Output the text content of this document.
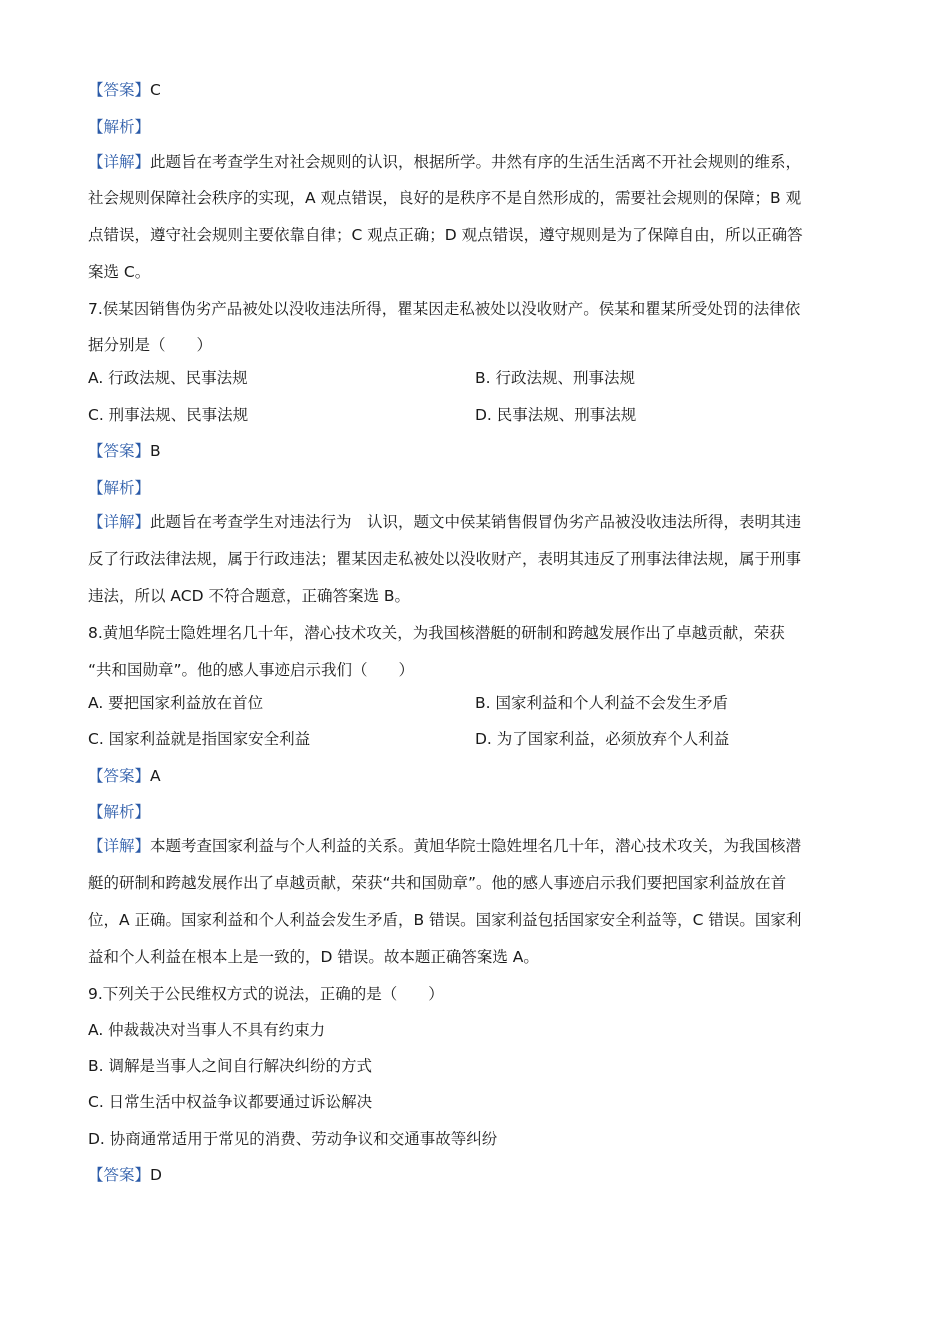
【答案】C
【解析】
【详解】此题旨在考查学生对社会规则的认识，根据所学。井然有序的生活生活离不开社会规则的维系，
社会规则保障社会秩序的实现，A 观点错误，良好的是秩序不是自然形成的，需要社会规则的保障；B 观
点错误，遵守社会规则主要依靠自律；C 观点正确；D 观点错误，遵守规则是为了保障自由，所以正确答
案选 C。
7.侯某因销售伪劣产品被处以没收违法所得，瞿某因走私被处以没收财产。侯某和瞿某所受处罚的法律依
据分别是（　　）
A. 行政法规、民事法规	B. 行政法规、刑事法规
C. 刑事法规、民事法规	D. 民事法规、刑事法规
【答案】B
【解析】
【详解】此题旨在考查学生对违法行为　认识，题文中侯某销售假冒伪劣产品被没收违法所得，表明其违
反了行政法律法规，属于行政违法；瞿某因走私被处以没收财产，表明其违反了刑事法律法规，属于刑事
违法，所以 ACD 不符合题意，正确答案选 B。
8.黄旭华院士隐姓埋名几十年，潜心技术攻关，为我国核潜艇的研制和跨越发展作出了卓越贡献，荣获
“共和国勋章”。他的感人事迹启示我们（　　）
A. 要把国家利益放在首位	B. 国家利益和个人利益不会发生矛盾
C. 国家利益就是指国家安全利益	D. 为了国家利益，必须放弃个人利益
【答案】A
【解析】
【详解】本题考查国家利益与个人利益的关系。黄旭华院士隐姓埋名几十年，潜心技术攻关，为我国核潜
艇的研制和跨越发展作出了卓越贡献，荣获“共和国勋章”。他的感人事迹启示我们要把国家利益放在首
位，A 正确。国家利益和个人利益会发生矛盾，B 错误。国家利益包括国家安全利益等，C 错误。国家利
益和个人利益在根本上是一致的，D 错误。故本题正确答案选 A。
9.下列关于公民维权方式的说法，正确的是（　　）
A. 仲裁裁决对当事人不具有约束力
B. 调解是当事人之间自行解决纠纷的方式
C. 日常生活中权益争议都要通过诉讼解决
D. 协商通常适用于常见的消费、劳动争议和交通事故等纠纷
【答案】D
